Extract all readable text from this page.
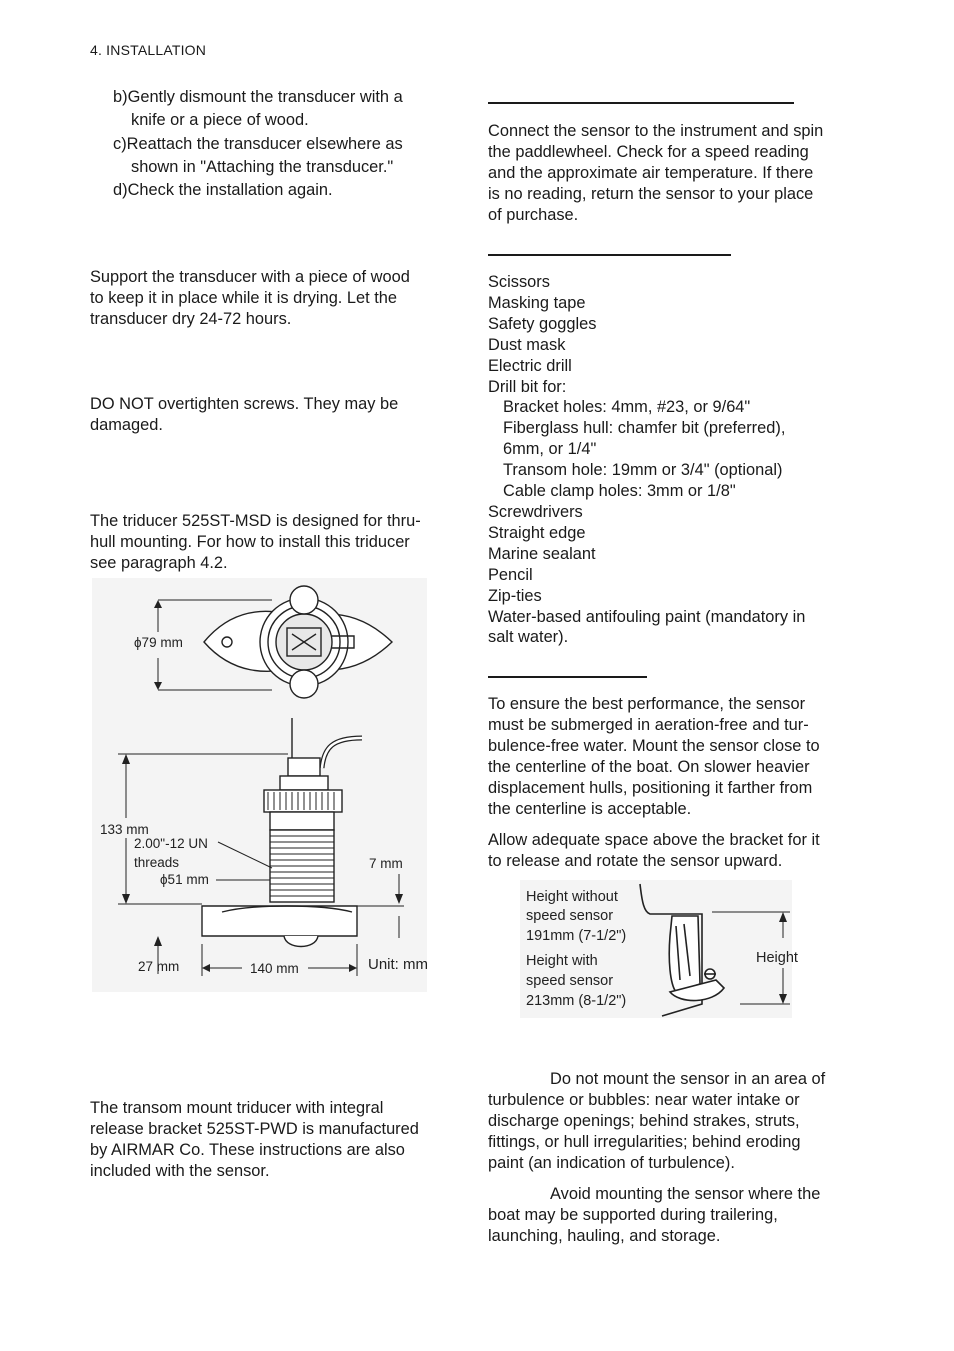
4. INSTALLATION
b)Gently dismount the transducer with a
knife or a piece of wood.
c)Reattach the transducer elsewhere as
shown in "Attaching the transducer."
d)Check the installation again.
Support the transducer with a piece of wood
to keep it in place while it is drying. Let the
transducer dry 24-72 hours.
DO NOT overtighten screws. They may be
damaged.
The triducer 525ST-MSD is designed for thru-
hull mounting. For how to install this triducer
see paragraph 4.2.
ϕ79 mm
133 mm
2.00"-12 UN
threads
ϕ51 mm
7 mm
27 mm	140 mm	Unit: mm
The transom mount triducer with integral
release bracket 525ST-PWD is manufactured
by AIRMAR Co. These instructions are also
included with the sensor.
Connect the sensor to the instrument and spin
the paddlewheel. Check for a speed reading
and the approximate air temperature. If there
is no reading, return the sensor to your place
of purchase.
Scissors
Masking tape
Safety goggles
Dust mask
Electric drill
Drill bit for:
Bracket holes: 4mm, #23, or 9/64"
Fiberglass hull: chamfer bit (preferred),
6mm, or 1/4"
Transom hole: 19mm or 3/4" (optional)
Cable clamp holes: 3mm or 1/8"
Screwdrivers
Straight edge
Marine sealant
Pencil
Zip-ties
Water-based antifouling paint (mandatory in
salt water).
To ensure the best performance, the sensor
must be submerged in aeration-free and tur-
bulence-free water. Mount the sensor close to
the centerline of the boat. On slower heavier
displacement hulls, positioning it farther from
the centerline is acceptable.
Allow adequate space above the bracket for it
to release and rotate the sensor upward.
Height without
speed sensor
191mm (7-1/2")
Height with
speed sensor
213mm (8-1/2")
Height
Do not mount the sensor in an area of
turbulence or bubbles: near water intake or
discharge openings; behind strakes, struts,
fittings, or hull irregularities; behind eroding
paint (an indication of turbulence).
Avoid mounting the sensor where the
boat may be supported during trailering,
launching, hauling, and storage.
